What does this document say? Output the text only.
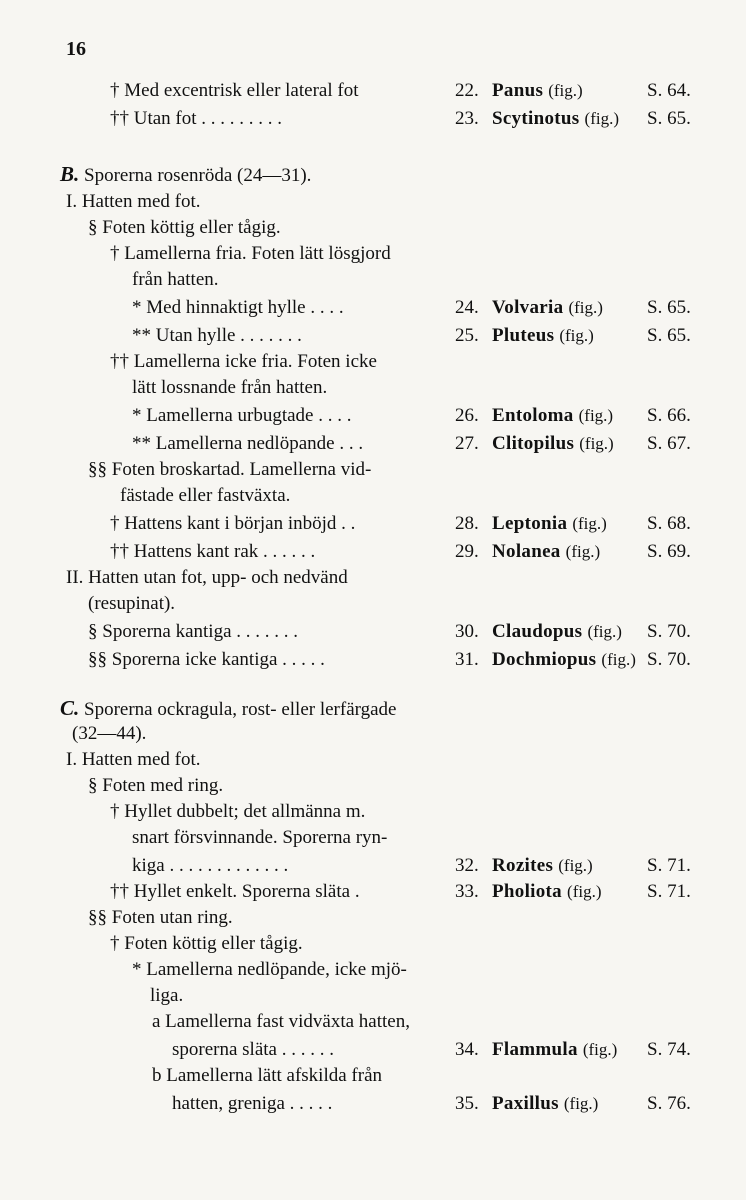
16
† Med excentrisk eller lateral fot	22. Panus (fig.)	S. 64.
†† Utan fot . . . . . . . . .	23. Scytinotus (fig.) S. 65.
B. Sporerna rosenröda (24—31).
I. Hatten med fot.
§ Foten köttig eller tågig.
† Lamellerna fria. Foten lätt lösgjord
från hatten.
* Med hinnaktigt hylle . . . .	24. Volvaria (fig.) S. 65.
** Utan hylle . . . . . . .	25. Pluteus (fig.)	S. 65.
†† Lamellerna icke fria. Foten icke
lätt lossnande från hatten.
* Lamellerna urbugtade . . . .	26. Entoloma (fig.) S. 66.
** Lamellerna nedlöpande . . .	27. Clitopilus (fig.) S. 67.
§§ Foten broskartad. Lamellerna vid-
fästade eller fastväxta.
† Hattens kant i början inböjd . .	28. Leptonia (fig.) S. 68.
†† Hattens kant rak . . . . . .	29. Nolanea (fig.) S. 69.
II. Hatten utan fot, upp- och nedvänd
(resupinat).
§ Sporerna kantiga . . . . . . .	30. Claudopus (fig.) S. 70.
§§ Sporerna icke kantiga . . . . .	31. Dochmiopus (fig.) S. 70.
C. Sporerna ockragula, rost- eller lerfärgade
(32—44).
I. Hatten med fot.
§ Foten med ring.
† Hyllet dubbelt; det allmänna m.
snart försvinnande. Sporerna ryn-
kiga . . . . . . . . . . . . .	32. Rozites (fig.)	S. 71.
†† Hyllet enkelt. Sporerna släta .	33. Pholiota (fig.) S. 71.
§§ Foten utan ring.
† Foten köttig eller tågig.
* Lamellerna nedlöpande, icke mjö-
liga.
a Lamellerna fast vidväxta hatten,
sporerna släta . . . . . .	34. Flammula (fig.) S. 74.
b Lamellerna lätt afskilda från
hatten, greniga . . . . .	35. Paxillus (fig.)	S. 76.
